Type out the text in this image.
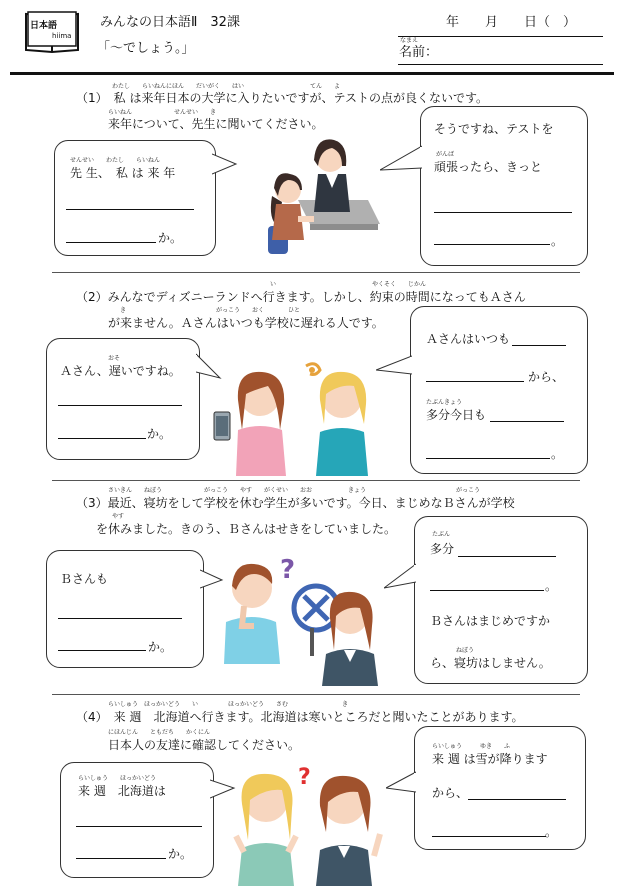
日本語
hiima
みんなの日本語Ⅱ　32課
「〜でしょう。」
年　　月　　日（　）
なまえ
名前：
わたし　　らいねんにほん　　だいがく　　はい　　　　　　　　　　　てん　　よ
（1）　私 は来年日本の大学に入りたいですが、テストの点が良くないです。
らいねん　　　　　　　せんせい　　き
来年について、先生に聞いてください。
せんせい　　わたし　　らいねん
先 生、　私 は 来 年
か。
そうですね、テストを
がんば
頑張ったら、きっと
。
い　　　　　　　　　　　　　　　　やくそく　　じかん
（2）みんなでディズニーランドへ行きます。しかし、約束の時間になってもＡさん
き　　　　　　　　　　　　　　　がっこう　　おく　　　　ひと
が来ません。Ａさんはいつも学校に遅れる人です。
おそ
Ａさん、遅いですね。
か。
Ａさんはいつも
から、
たぶんきょう
多分今日も
。
さいきん　　ねぼう　　　　　　　がっこう　　やす　　がくせい　　おお　　　　　　きょう　　　　　　　　　　　　　　　がっこう
（3）最近、寝坊をして学校を休む学生が多いです。今日、まじめなＢさんが学校
やす
を休みました。きのう、Ｂさんはせきをしていました。
Ｂさんも
か。
たぶん
多分
。
Ｂさんはまじめですか
ねぼう
ら、寝坊はしません。
?
らいしゅう　ほっかいどう　　い　　　　　ほっかいどう　　さむ　　　　　　　　　き
（4）　来 週　北海道へ行きます。北海道は寒いところだと聞いたことがあります。
にほんじん　　ともだち　　かくにん
日本人の友達に確認してください。
らいしゅう　　ほっかいどう
来 週　北海道は
か。
らいしゅう　　　ゆき　　ふ
来 週 は雪が降ります
から、
。
?
